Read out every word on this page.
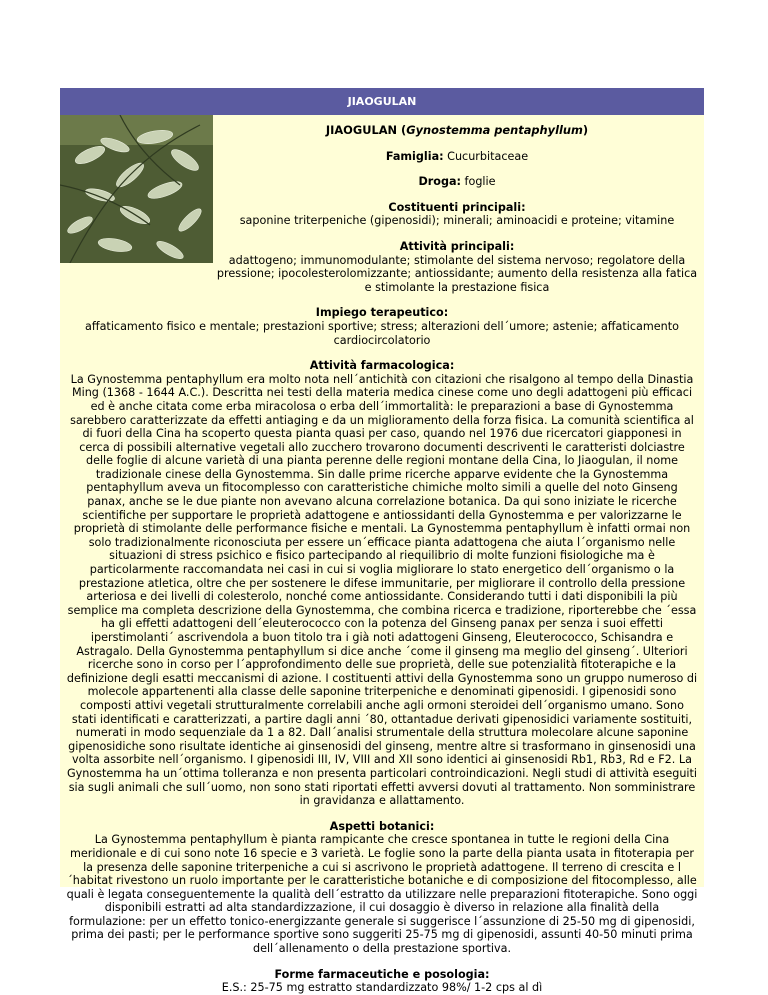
JIAOGULAN

JIAOGULAN (Gynostemma pentaphyllum)

Famiglia: Cucurbitaceae

Droga: foglie

Costituenti principali:

saponine triterpeniche (gipenosidi); minerali; aminoacidi e proteine; vitamine

Attività principali:

adattogeno; immunomodulante; stimolante del sistema nervoso; regolatore della pressione; ipocolesterolomizzante; antiossidante; aumento della resistenza alla fatica e stimolante la prestazione fisica

Impiego terapeutico:

affaticamento fisico e mentale; prestazioni sportive; stress; alterazioni dell´umore; astenie; affaticamento cardiocircolatorio

Attività farmacologica:

La Gynostemma pentaphyllum era molto nota nell´antichità con citazioni che risalgono al tempo della Dinastia Ming (1368 - 1644 A.C.). Descritta nei testi della materia medica cinese come uno degli adattogeni più efficaci ed è anche citata come erba miracolosa o erba dell´immortalità: le preparazioni a base di Gynostemma sarebbero caratterizzate da effetti antiaging e da un miglioramento della forza fisica. La comunità scientifica al di fuori della Cina ha scoperto questa pianta quasi per caso, quando nel 1976 due ricercatori giapponesi in cerca di possibili alternative vegetali allo zucchero trovarono documenti descriventi le caratteristi dolciastre delle foglie di alcune varietà di una pianta perenne delle regioni montane della Cina, lo Jiaogulan, il nome tradizionale cinese della Gynostemma. Sin dalle prime ricerche apparve evidente che la Gynostemma pentaphyllum aveva un fitocomplesso con caratteristiche chimiche molto simili a quelle del noto Ginseng panax, anche se le due piante non avevano alcuna correlazione botanica. Da qui sono iniziate le ricerche scientifiche per supportare le proprietà adattogene e antiossidanti della Gynostemma e per valorizzarne le proprietà di stimolante delle performance fisiche e mentali. La Gynostemma pentaphyllum è infatti ormai non solo tradizionalmente riconosciuta per essere un´efficace pianta adattogena che aiuta l´organismo nelle situazioni di stress psichico e fisico partecipando al riequilibrio di molte funzioni fisiologiche ma è particolarmente raccomandata nei casi in cui si voglia migliorare lo stato energetico dell´organismo o la prestazione atletica, oltre che per sostenere le difese immunitarie, per migliorare il controllo della pressione arteriosa e dei livelli di colesterolo, nonché come antiossidante. Considerando tutti i dati disponibili la più semplice ma completa descrizione della Gynostemma, che combina ricerca e tradizione, riporterebbe che ´essa ha gli effetti adattogeni dell´eleuterococco con la potenza del Ginseng panax per senza i suoi effetti iperstimolanti´ ascrivendola a buon titolo tra i già noti adattogeni Ginseng, Eleuterococco, Schisandra e Astragalo. Della Gynostemma pentaphyllum si dice anche ´come il ginseng ma meglio del ginseng´. Ulteriori ricerche sono in corso per l´approfondimento delle sue proprietà, delle sue potenzialità fitoterapiche e la definizione degli esatti meccanismi di azione. I costituenti attivi della Gynostemma sono un gruppo numeroso di molecole appartenenti alla classe delle saponine triterpeniche e denominati gipenosidi. I gipenosidi sono composti attivi vegetali strutturalmente correlabili anche agli ormoni steroidei dell´organismo umano. Sono stati identificati e caratterizzati, a partire dagli anni ´80, ottantadue derivati gipenosidici variamente sostituiti, numerati in modo sequenziale da 1 a 82. Dall´analisi strumentale della struttura molecolare alcune saponine gipenosidiche sono risultate identiche ai ginsenosidi del ginseng, mentre altre si trasformano in ginsenosidi una volta assorbite nell´organismo. I gipenosidi III, IV, VIII and XII sono identici ai ginsenosidi Rb1, Rb3, Rd e F2. La Gynostemma ha un´ottima tolleranza e non presenta particolari controindicazioni. Negli studi di attività eseguiti sia sugli animali che sull´uomo, non sono stati riportati effetti avversi dovuti al trattamento. Non somministrare in gravidanza e allattamento.

Aspetti botanici:

La Gynostemma pentaphyllum è pianta rampicante che cresce spontanea in tutte le regioni della Cina meridionale e di cui sono note 16 specie e 3 varietà. Le foglie sono la parte della pianta usata in fitoterapia per la presenza delle saponine triterpeniche a cui si ascrivono le proprietà adattogene. Il terreno di crescita e l´habitat rivestono un ruolo importante per le caratteristiche botaniche e di composizione del fitocomplesso, alle quali è legata conseguentemente la qualità dell´estratto da utilizzare nelle preparazioni fitoterapiche. Sono oggi disponibili estratti ad alta standardizzazione, il cui dosaggio è diverso in relazione alla finalità della formulazione: per un effetto tonico-energizzante generale si suggerisce l´assunzione di 25-50 mg di gipenosidi, prima dei pasti; per le performance sportive sono suggeriti 25-75 mg di gipenosidi, assunti 40-50 minuti prima dell´allenamento o della prestazione sportiva.

Forme farmaceutiche e posologia:

E.S.: 25-75 mg estratto standardizzato 98%/ 1-2 cps al dì
